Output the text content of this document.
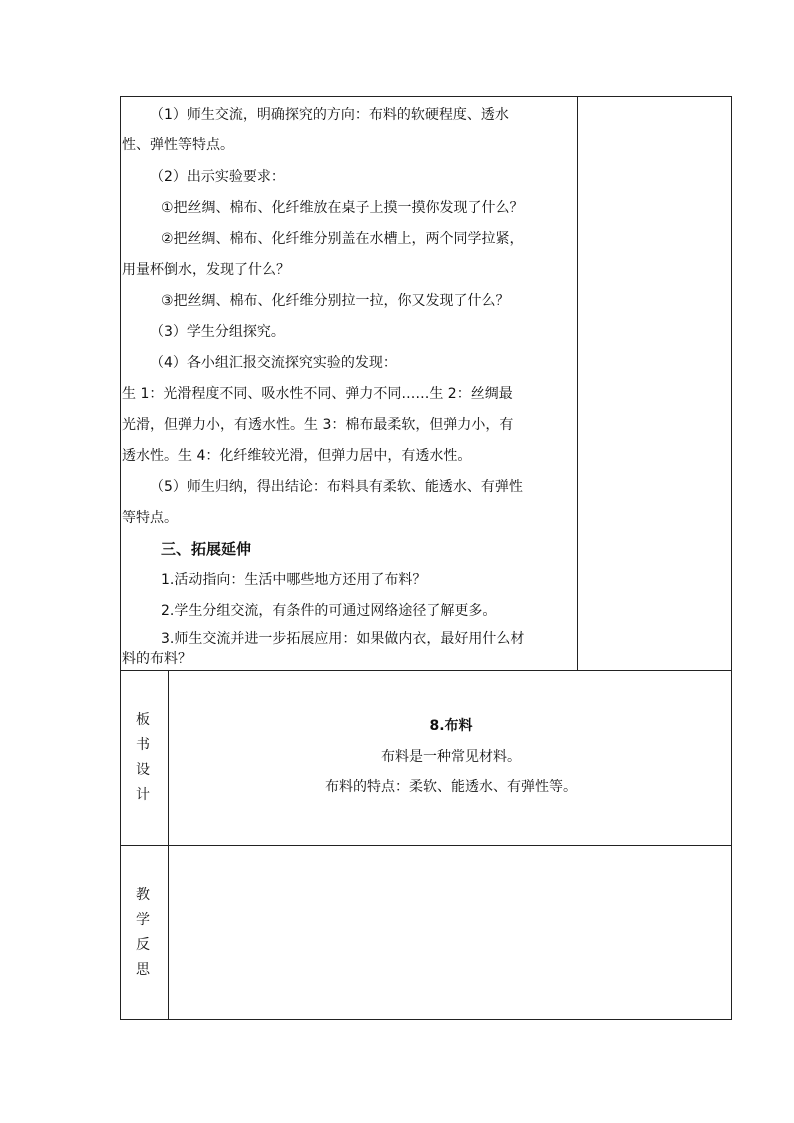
（1）师生交流，明确探究的方向：布料的软硬程度、透水
性、弹性等特点。
（2）出示实验要求：
①把丝绸、棉布、化纤维放在桌子上摸一摸你发现了什么？
②把丝绸、棉布、化纤维分别盖在水槽上，两个同学拉紧，
用量杯倒水，发现了什么？
③把丝绸、棉布、化纤维分别拉一拉，你又发现了什么？
（3）学生分组探究。
（4）各小组汇报交流探究实验的发现：
生 1：光滑程度不同、吸水性不同、弹力不同……生 2：丝绸最
光滑，但弹力小，有透水性。生 3：棉布最柔软，但弹力小，有
透水性。生 4：化纤维较光滑，但弹力居中，有透水性。
（5）师生归纳，得出结论：布料具有柔软、能透水、有弹性
等特点。
三、拓展延伸
1.活动指向：生活中哪些地方还用了布料？
2.学生分组交流，有条件的可通过网络途径了解更多。
3.师生交流并进一步拓展应用：如果做内衣，最好用什么材
料的布料？
板
书
设
计
8.布料
布料是一种常见材料。
布料的特点：柔软、能透水、有弹性等。
教
学
反
思
